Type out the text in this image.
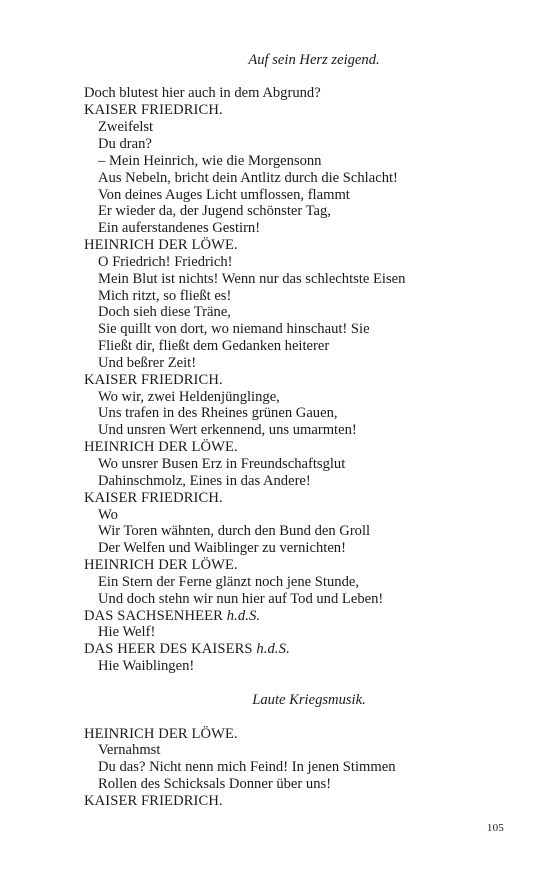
Auf sein Herz zeigend.
Doch blutest hier auch in dem Abgrund?
KAISER FRIEDRICH.
Zweifelst
Du dran?
– Mein Heinrich, wie die Morgensonn
Aus Nebeln, bricht dein Antlitz durch die Schlacht!
Von deines Auges Licht umflossen, flammt
Er wieder da, der Jugend schönster Tag,
Ein auferstandenes Gestirn!
HEINRICH DER LÖWE.
O Friedrich! Friedrich!
Mein Blut ist nichts! Wenn nur das schlechtste Eisen
Mich ritzt, so fließt es!
Doch sieh diese Träne,
Sie quillt von dort, wo niemand hinschaut! Sie
Fließt dir, fließt dem Gedanken heiterer
Und beßrer Zeit!
KAISER FRIEDRICH.
Wo wir, zwei Heldenjünglinge,
Uns trafen in des Rheines grünen Gauen,
Und unsren Wert erkennend, uns umarmten!
HEINRICH DER LÖWE.
Wo unsrer Busen Erz in Freundschaftsglut
Dahinschmolz, Eines in das Andere!
KAISER FRIEDRICH.
Wo
Wir Toren wähnten, durch den Bund den Groll
Der Welfen und Waiblinger zu vernichten!
HEINRICH DER LÖWE.
Ein Stern der Ferne glänzt noch jene Stunde,
Und doch stehn wir nun hier auf Tod und Leben!
DAS SACHSENHEER h.d.S.
Hie Welf!
DAS HEER DES KAISERS h.d.S.
Hie Waiblingen!
Laute Kriegsmusik.
HEINRICH DER LÖWE.
Vernahmst
Du das? Nicht nenn mich Feind! In jenen Stimmen
Rollen des Schicksals Donner über uns!
KAISER FRIEDRICH.
105
